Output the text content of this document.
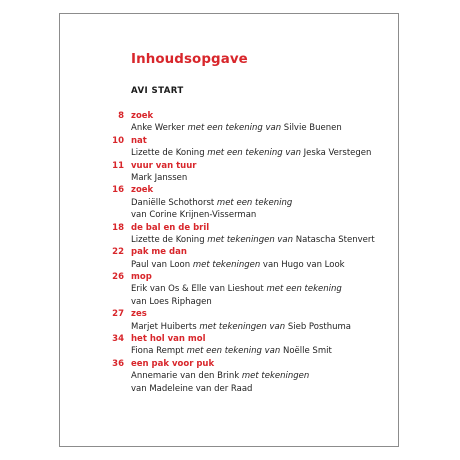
Inhoudsopgave
AVI START
8 zoek
Anke Werker met een tekening van Silvie Buenen
10 nat
Lizette de Koning met een tekening van Jeska Verstegen
11 vuur van tuur
Mark Janssen
16 zoek
Daniëlle Schothorst met een tekening
van Corine Krijnen-Visserman
18 de bal en de bril
Lizette de Koning met tekeningen van Natascha Stenvert
22 pak me dan
Paul van Loon met tekeningen van Hugo van Look
26 mop
Erik van Os & Elle van Lieshout met een tekening
van Loes Riphagen
27 zes
Marjet Huiberts met tekeningen van Sieb Posthuma
34 het hol van mol
Fiona Rempt met een tekening van Noëlle Smit
36 een pak voor puk
Annemarie van den Brink met tekeningen
van Madeleine van der Raad
